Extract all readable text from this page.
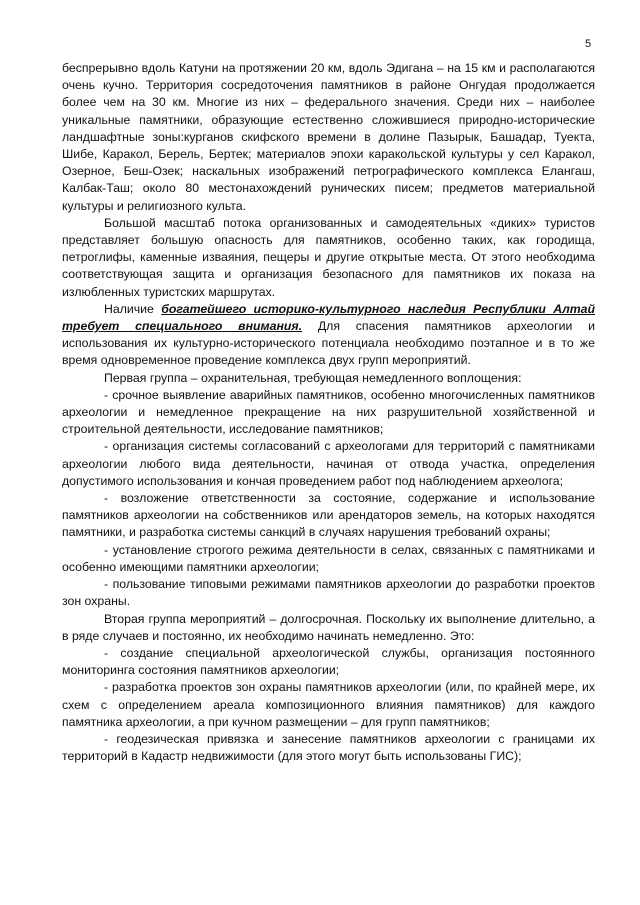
5

беспрерывно вдоль Катуни на протяжении 20 км, вдоль Эдигана – на 15 км и располагаются очень кучно. Территория сосредоточения памятников в районе Онгудая продолжается более чем на 30 км. Многие из них – федерального значения. Среди них – наиболее уникальные памятники, образующие естественно сложившиеся природно-исторические ландшафтные зоны:курганов скифского времени в долине Пазырык, Башадар, Туекта, Шибе, Каракол, Берель, Бертек; материалов эпохи каракольской культуры у сел Каракол, Озерное, Беш-Озек; наскальных изображений петрографического комплекса Елангаш, Калбак-Таш; около 80 местонахождений рунических писем; предметов материальной культуры и религиозного культа.

Большой масштаб потока организованных и самодеятельных «диких» туристов представляет большую опасность для памятников, особенно таких, как городища, петроглифы, каменные изваяния, пещеры и другие открытые места. От этого необходима соответствующая защита и организация безопасного для памятников их показа на излюбленных туристских маршрутах.

Наличие богатейшего историко-культурного наследия Республики Алтай требует специального внимания. Для спасения памятников археологии и использования их культурно-исторического потенциала необходимо поэтапное и в то же время одновременное проведение комплекса двух групп мероприятий.

Первая группа – охранительная, требующая немедленного воплощения:

- срочное выявление аварийных памятников, особенно многочисленных памятников археологии и немедленное прекращение на них разрушительной хозяйственной и строительной деятельности, исследование памятников;

- организация системы согласований с археологами для территорий с памятниками археологии любого вида деятельности, начиная от отвода участка, определения допустимого использования и кончая проведением работ под наблюдением археолога;

- возложение ответственности за состояние, содержание и использование памятников археологии на собственников или арендаторов земель, на которых находятся памятники, и разработка системы санкций в случаях нарушения требований охраны;

- установление строгого режима деятельности в селах, связанных с памятниками и особенно имеющими памятники археологии;

- пользование типовыми режимами памятников археологии до разработки проектов зон охраны.

Вторая группа мероприятий – долгосрочная. Поскольку их выполнение длительно, а в ряде случаев и постоянно, их необходимо начинать немедленно. Это:

- создание специальной археологической службы, организация постоянного мониторинга состояния памятников археологии;

- разработка проектов зон охраны памятников археологии (или, по крайней мере, их схем с определением ареала композиционного влияния памятников) для каждого памятника археологии, а при кучном размещении – для групп памятников;

- геодезическая привязка и занесение памятников археологии с границами их территорий в Кадастр недвижимости (для этого могут быть использованы ГИС);
